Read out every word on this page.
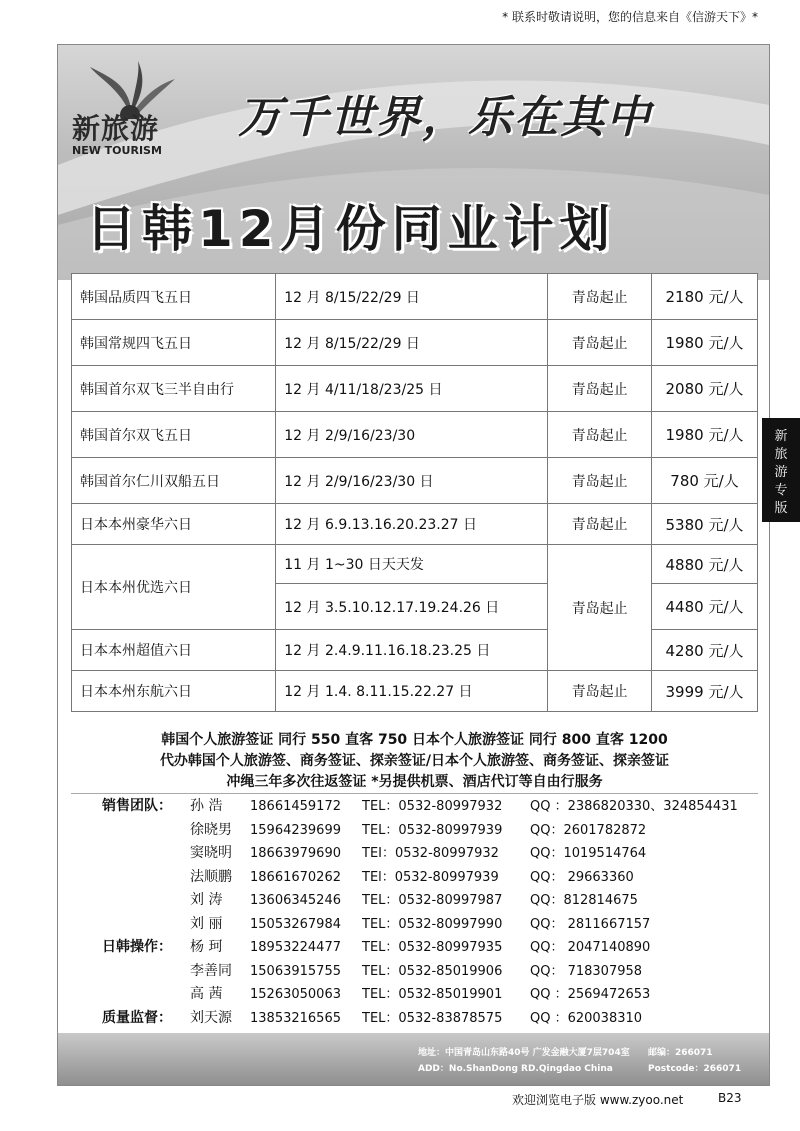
* 联系时敬请说明，您的信息来自《信游天下》*
新旅游
NEW TOURISM
万千世界，乐在其中
日韩12月份同业计划
韩国品质四飞五日	12 月 8/15/22/29 日	青岛起止	2180 元/人
韩国常规四飞五日	12 月 8/15/22/29 日	青岛起止	1980 元/人
韩国首尔双飞三半自由行	12 月 4/11/18/23/25 日	青岛起止	2080 元/人
韩国首尔双飞五日	12 月 2/9/16/23/30	青岛起止	1980 元/人
韩国首尔仁川双船五日	12 月 2/9/16/23/30 日	青岛起止	780 元/人
日本本州豪华六日	12 月 6.9.13.16.20.23.27 日	青岛起止	5380 元/人
日本本州优选六日	11 月 1~30 日天天发	青岛起止	4880 元/人
	12 月 3.5.10.12.17.19.24.26 日		4480 元/人
日本本州超值六日	12 月 2.4.9.11.16.18.23.25 日		4280 元/人
日本本州东航六日	12 月 1.4. 8.11.15.22.27 日	青岛起止	3999 元/人
韩国个人旅游签证 同行 550 直客 750 日本个人旅游签证 同行 800 直客 1200
代办韩国个人旅游签、商务签证、探亲签证/日本个人旅游签、商务签证、探亲签证
冲绳三年多次往返签证 *另提供机票、酒店代订等自由行服务
销售团队： 孙 浩 18661459172 TEL：0532-80997932 QQ ：2386820330、324854431
徐晓男 15964239699 TEL：0532-80997939 QQ：2601782872
窦晓明 18663979690 TEI：0532-80997932 QQ：1019514764
法顺鹏 18661670262 TEl：0532-80997939 QQ： 29663360
刘 涛 13606345246 TEL：0532-80997987 QQ：812814675
刘 丽 15053267984 TEL：0532-80997990 QQ： 2811667157
日韩操作： 杨 珂 18953224477 TEL：0532-80997935 QQ： 2047140890
李善同 15063915755 TEL：0532-85019906 QQ： 718307958
高 茜 15263050063 TEL：0532-85019901 QQ ：2569472653
质量监督： 刘天源 13853216565 TEL：0532-83878575 QQ ：620038310
地址：中国青岛山东路40号 广发金融大厦7层704室 邮编：266071
ADD：No.ShanDong RD.Qingdao China	Postcode：266071
新
旅
游
专
版
欢迎浏览电子版 www.zyoo.net	B23
